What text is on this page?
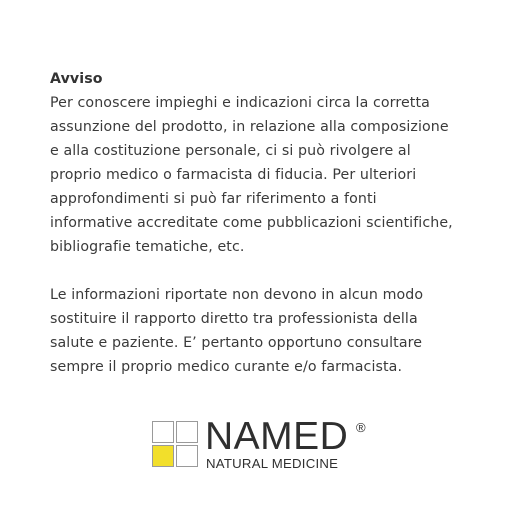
Avviso

Per conoscere impieghi e indicazioni circa la corretta
assunzione del prodotto, in relazione alla composizione
e alla costituzione personale, ci si può rivolgere al
proprio medico o farmacista di fiducia. Per ulteriori
approfondimenti si può far riferimento a fonti
informative accreditate come pubblicazioni scientifiche,
bibliografie tematiche, etc.

Le informazioni riportate non devono in alcun modo
sostituire il rapporto diretto tra professionista della
salute e paziente. E’ pertanto opportuno consultare
sempre il proprio medico curante e/o farmacista.

NAMED ®
NATURAL MEDICINE
